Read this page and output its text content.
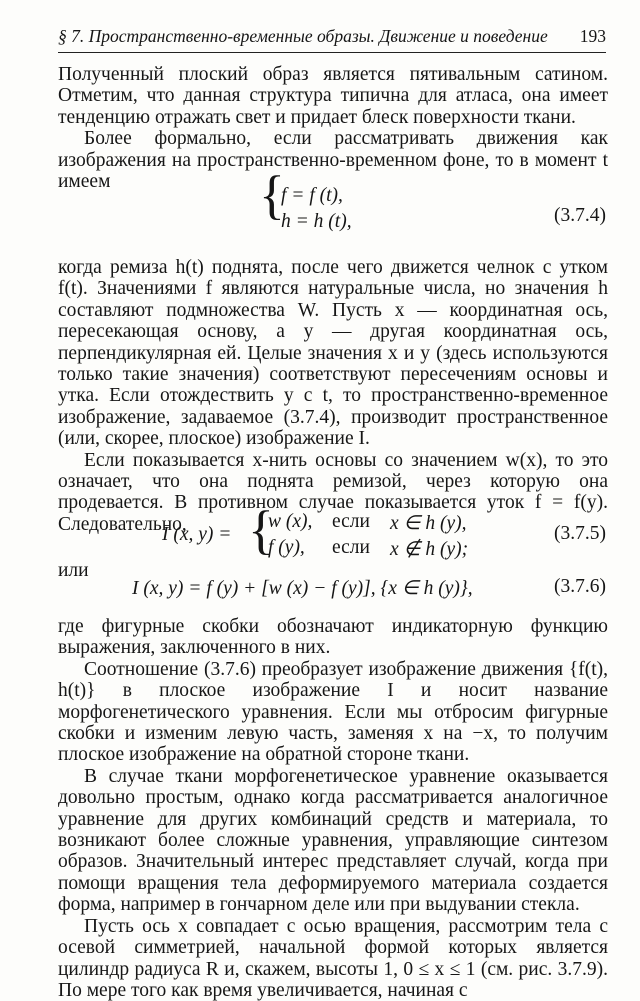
§ 7. Пространственно-временные образы. Движение и поведение 193

Полученный плоский образ является пятивальным сатином. Отметим, что данная структура типична для атласа, она имеет тенденцию отражать свет и придает блеск поверхности ткани.

Более формально, если рассматривать движения как изображения на пространственно-временном фоне, то в момент t имеем	{
f = f (t),
h = h (t),	(3.7.4)

когда ремиза h(t) поднята, после чего движется челнок с утком f(t). Значениями f являются натуральные числа, но значения h составляют подмножества W. Пусть x — координатная ось, пересекающая основу, а y — другая координатная ось, перпендикулярная ей. Целые значения x и y (здесь используются только такие значения) соответствуют пересечениям основы и утка. Если отождествить y с t, то пространственно-временное изображение, задаваемое (3.7.4), производит пространственное (или, скорее, плоское) изображение I.

Если показывается x-нить основы со значением w(x), то это означает, что она поднята ремизой, через которую она продевается. В противном случае показывается уток f = f(y). Следовательно,

I (x, y) = {
w (x), если x ∈ h (y),
f (y), если x ∉ h (y);
(3.7.5)
или
I (x, y) = f (y) + [w (x) − f (y)], {x ∈ h (y)},	(3.7.6)

где фигурные скобки обозначают индикаторную функцию выражения, заключенного в них.

Соотношение (3.7.6) преобразует изображение движения {f(t), h(t)} в плоское изображение I и носит название морфогенетического уравнения. Если мы отбросим фигурные скобки и изменим левую часть, заменяя x на −x, то получим плоское изображение на обратной стороне ткани.

В случае ткани морфогенетическое уравнение оказывается довольно простым, однако когда рассматривается аналогичное уравнение для других комбинаций средств и материала, то возникают более сложные уравнения, управляющие синтезом образов. Значительный интерес представляет случай, когда при помощи вращения тела деформируемого материала создается форма, например в гончарном деле или при выдувании стекла.

Пусть ось x совпадает с осью вращения, рассмотрим тела с осевой симметрией, начальной формой которых является цилиндр радиуса R и, скажем, высоты 1, 0 ≤ x ≤ 1 (см. рис. 3.7.9). По мере того как время увеличивается, начиная с
